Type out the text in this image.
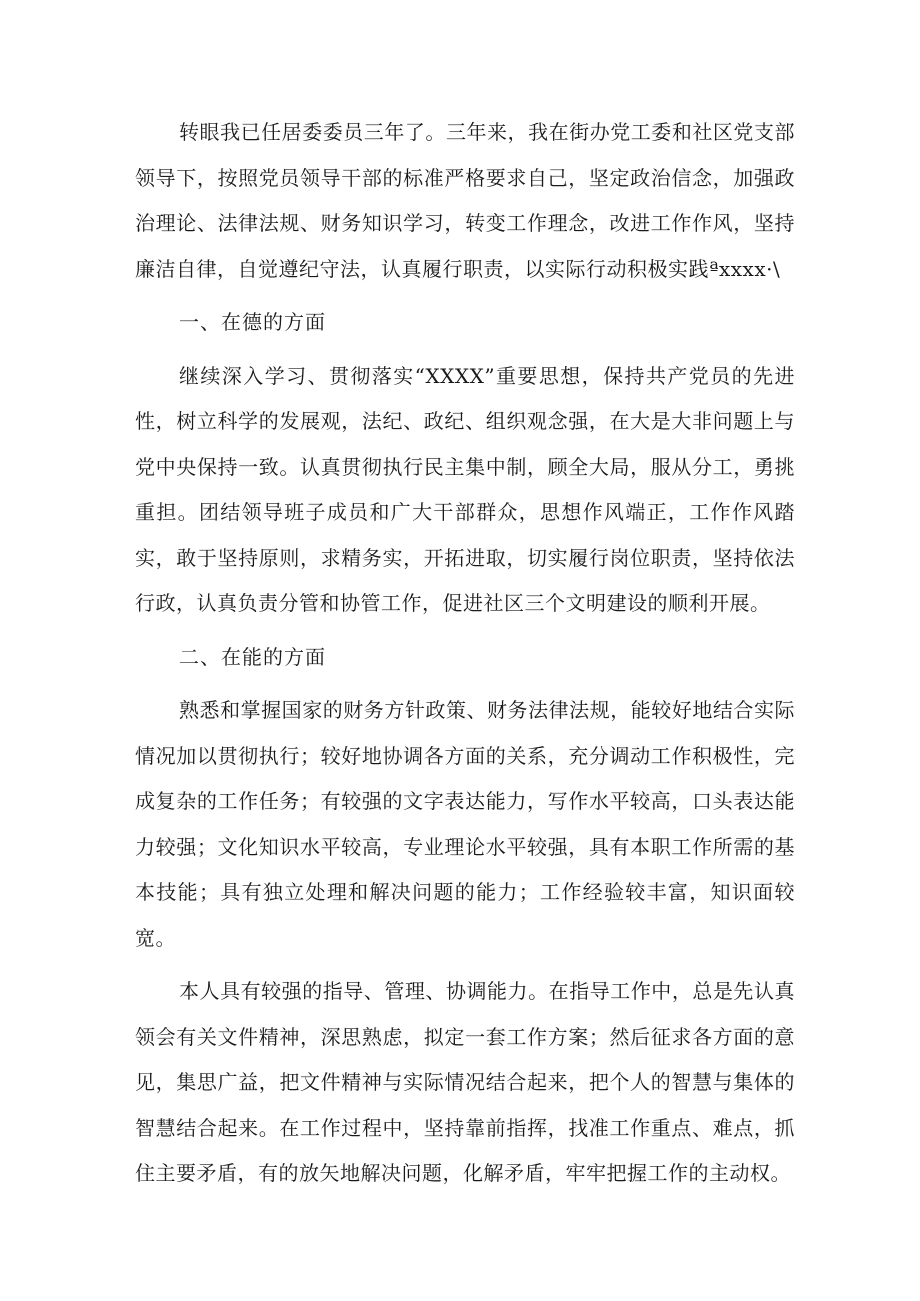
转眼我已任居委委员三年了。三年来，我在街办党工委和社区党支部领导下，按照党员领导干部的标准严格要求自己，坚定政治信念，加强政治理论、法律法规、财务知识学习，转变工作理念，改进工作作风，坚持廉洁自律，自觉遵纪守法，认真履行职责，以实际行动积极实践ªxxxx·\

一、在德的方面

继续深入学习、贯彻落实“XXXX”重要思想，保持共产党员的先进性，树立科学的发展观，法纪、政纪、组织观念强，在大是大非问题上与党中央保持一致。认真贯彻执行民主集中制，顾全大局，服从分工，勇挑重担。团结领导班子成员和广大干部群众，思想作风端正，工作作风踏实，敢于坚持原则，求精务实，开拓进取，切实履行岗位职责，坚持依法行政，认真负责分管和协管工作，促进社区三个文明建设的顺利开展。

二、在能的方面

熟悉和掌握国家的财务方针政策、财务法律法规，能较好地结合实际情况加以贯彻执行；较好地协调各方面的关系，充分调动工作积极性，完成复杂的工作任务；有较强的文字表达能力，写作水平较高，口头表达能力较强；文化知识水平较高，专业理论水平较强，具有本职工作所需的基本技能；具有独立处理和解决问题的能力；工作经验较丰富，知识面较宽。

本人具有较强的指导、管理、协调能力。在指导工作中，总是先认真领会有关文件精神，深思熟虑，拟定一套工作方案；然后征求各方面的意见，集思广益，把文件精神与实际情况结合起来，把个人的智慧与集体的智慧结合起来。在工作过程中，坚持靠前指挥，找准工作重点、难点，抓住主要矛盾，有的放矢地解决问题，化解矛盾，牢牢把握工作的主动权。
